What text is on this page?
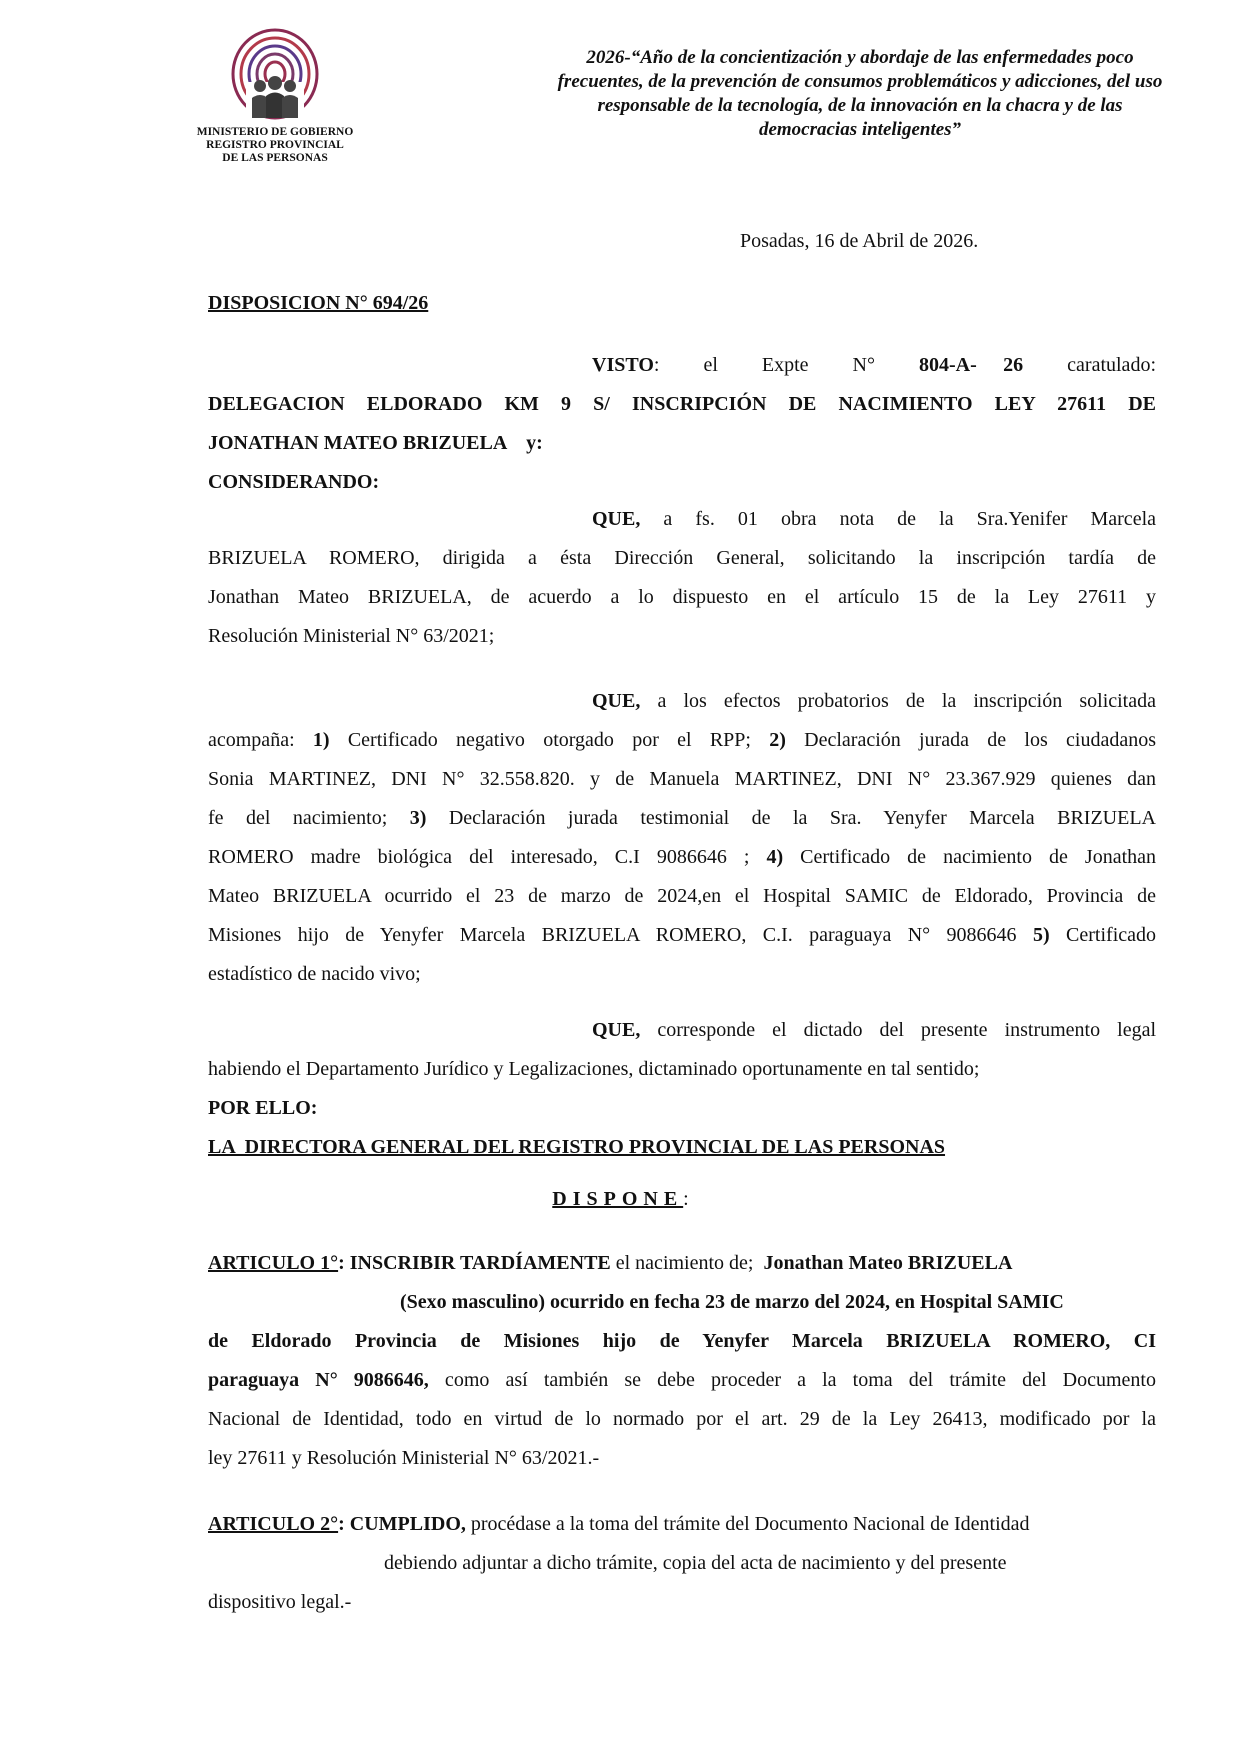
MINISTERIO DE GOBIERNO
REGISTRO PROVINCIAL
DE LAS PERSONAS
2026-“Año de la concientización y abordaje de las enfermedades poco
frecuentes, de la prevención de consumos problemáticos y adicciones, del uso
responsable de la tecnología, de la innovación en la chacra y de las
democracias inteligentes”
Posadas, 16 de Abril de 2026.
DISPOSICION N° 694/26
VISTO:     el     Expte     N°     804-A-   26     caratulado:
DELEGACION ELDORADO KM 9 S/ INSCRIPCIÓN DE NACIMIENTO LEY 27611 DE
JONATHAN MATEO BRIZUELA    y:
CONSIDERANDO:
QUE, a fs. 01 obra nota de la Sra.Yenifer Marcela
BRIZUELA ROMERO, dirigida a ésta Dirección General, solicitando la inscripción tardía de
Jonathan Mateo BRIZUELA, de acuerdo a lo dispuesto en el artículo 15 de la Ley 27611 y
Resolución Ministerial N° 63/2021;
QUE, a los efectos probatorios de la inscripción solicitada
acompaña: 1) Certificado negativo otorgado por el RPP; 2) Declaración jurada de los ciudadanos
Sonia MARTINEZ, DNI N° 32.558.820. y de Manuela MARTINEZ, DNI N° 23.367.929 quienes dan
fe del nacimiento; 3) Declaración jurada testimonial de la Sra. Yenyfer Marcela BRIZUELA
ROMERO madre biológica del interesado, C.I 9086646 ; 4) Certificado de nacimiento de Jonathan
Mateo BRIZUELA ocurrido el 23 de marzo de 2024,en el Hospital SAMIC de Eldorado, Provincia de
Misiones hijo de Yenyfer Marcela BRIZUELA ROMERO, C.I. paraguaya N° 9086646 5) Certificado
estadístico de nacido vivo;
QUE, corresponde el dictado del presente instrumento legal
habiendo el Departamento Jurídico y Legalizaciones, dictaminado oportunamente en tal sentido;
POR ELLO:
LA  DIRECTORA GENERAL DEL REGISTRO PROVINCIAL DE LAS PERSONAS
DISPONE:
ARTICULO 1°: INSCRIBIR TARDÍAMENTE el nacimiento de;  Jonathan Mateo BRIZUELA
(Sexo masculino) ocurrido en fecha 23 de marzo del 2024, en Hospital SAMIC
de Eldorado Provincia de Misiones hijo de Yenyfer Marcela BRIZUELA ROMERO, CI
paraguaya N° 9086646, como así también se debe proceder a la toma del trámite del Documento
Nacional de Identidad, todo en virtud de lo normado por el art. 29 de la Ley 26413, modificado por la
ley 27611 y Resolución Ministerial N° 63/2021.-
ARTICULO 2°: CUMPLIDO, procédase a la toma del trámite del Documento Nacional de Identidad
debiendo adjuntar a dicho trámite, copia del acta de nacimiento y del presente
dispositivo legal.-
